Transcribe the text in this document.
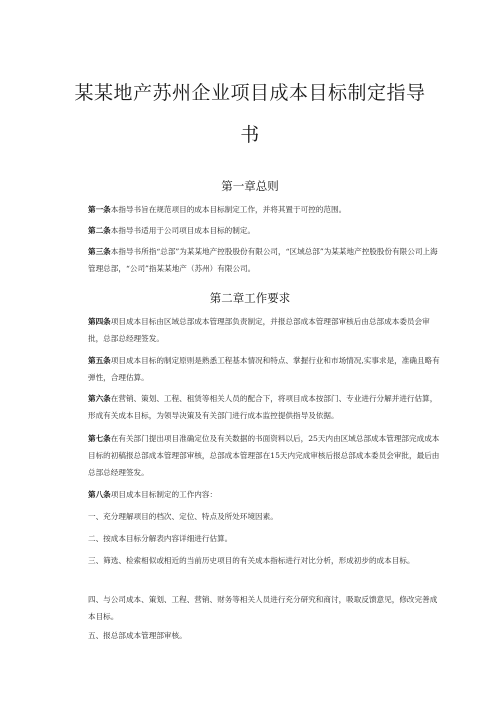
某某地产苏州企业项目成本目标制定指导
书
第一章总则

第一条本指导书旨在规范项目的成本目标制定工作，并将其置于可控的范围。

第二条本指导书适用于公司项目成本目标的制定。

第三条本指导书所指“总部”为某某地产控股股份有限公司，“区域总部”为某某地产控股股份有限公司上海管理总部，“公司”指某某地产（苏州）有限公司。

第二章工作要求

第四条项目成本目标由区域总部成本管理部负责制定，并报总部成本管理部审核后由总部成本委员会审批，总部总经理签发。

第五条项目成本目标的制定原则是熟悉工程基本情况和特点、掌握行业和市场情况,实事求是，准确且略有弹性，合理估算。

第六条在营销、策划、工程、租赁等相关人员的配合下，将项目成本按部门、专业进行分解并进行估算，形成有关成本目标，为领导决策及有关部门进行成本监控提供指导及依据。

第七条在有关部门提出项目准确定位及有关数据的书面资料以后，25天内由区域总部成本管理部完成成本目标的初稿报总部成本管理部审核，总部成本管理部在15天内完成审核后报总部成本委员会审批，最后由总部总经理签发。

第八条项目成本目标制定的工作内容：

一、充分理解项目的档次、定位、特点及所处环境因素。

二、按成本目标分解表内容详细进行估算。

三、筛选、检索相似或相近的当前历史项目的有关成本指标进行对比分析，形成初步的成本目标。

四、与公司成本、策划、工程、营销、财务等相关人员进行充分研究和商讨，吸取反馈意见，修改完善成本目标。

五、报总部成本管理部审核。
